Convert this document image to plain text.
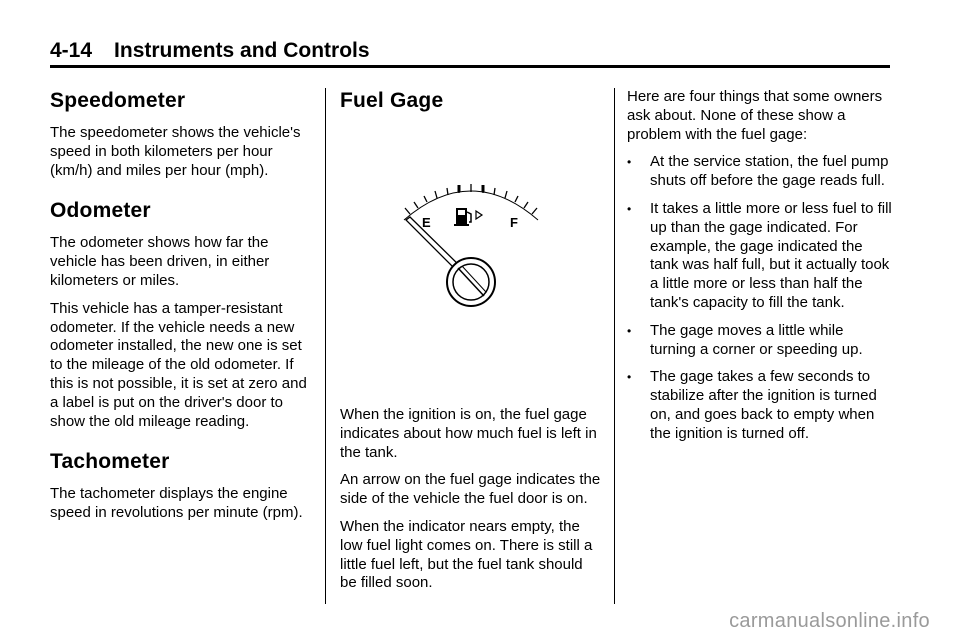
4-14 Instruments and Controls
Speedometer

The speedometer shows the vehicle's speed in both kilometers per hour (km/h) and miles per hour (mph).

Odometer

The odometer shows how far the vehicle has been driven, in either kilometers or miles.

This vehicle has a tamper-resistant odometer. If the vehicle needs a new odometer installed, the new one is set to the mileage of the old odometer. If this is not possible, it is set at zero and a label is put on the driver's door to show the old mileage reading.

Tachometer

The tachometer displays the engine speed in revolutions per minute (rpm).

Fuel Gage
E	F

When the ignition is on, the fuel gage indicates about how much fuel is left in the tank.

An arrow on the fuel gage indicates the side of the vehicle the fuel door is on.

When the indicator nears empty, the low fuel light comes on. There is still a little fuel left, but the fuel tank should be filled soon.

Here are four things that some owners ask about. None of these show a problem with the fuel gage:

• At the service station, the fuel pump shuts off before the gage reads full.
• It takes a little more or less fuel to fill up than the gage indicated. For example, the gage indicated the tank was half full, but it actually took a little more or less than half the tank's capacity to fill the tank.
• The gage moves a little while turning a corner or speeding up.
• The gage takes a few seconds to stabilize after the ignition is turned on, and goes back to empty when the ignition is turned off.
carmanualsonline.info
